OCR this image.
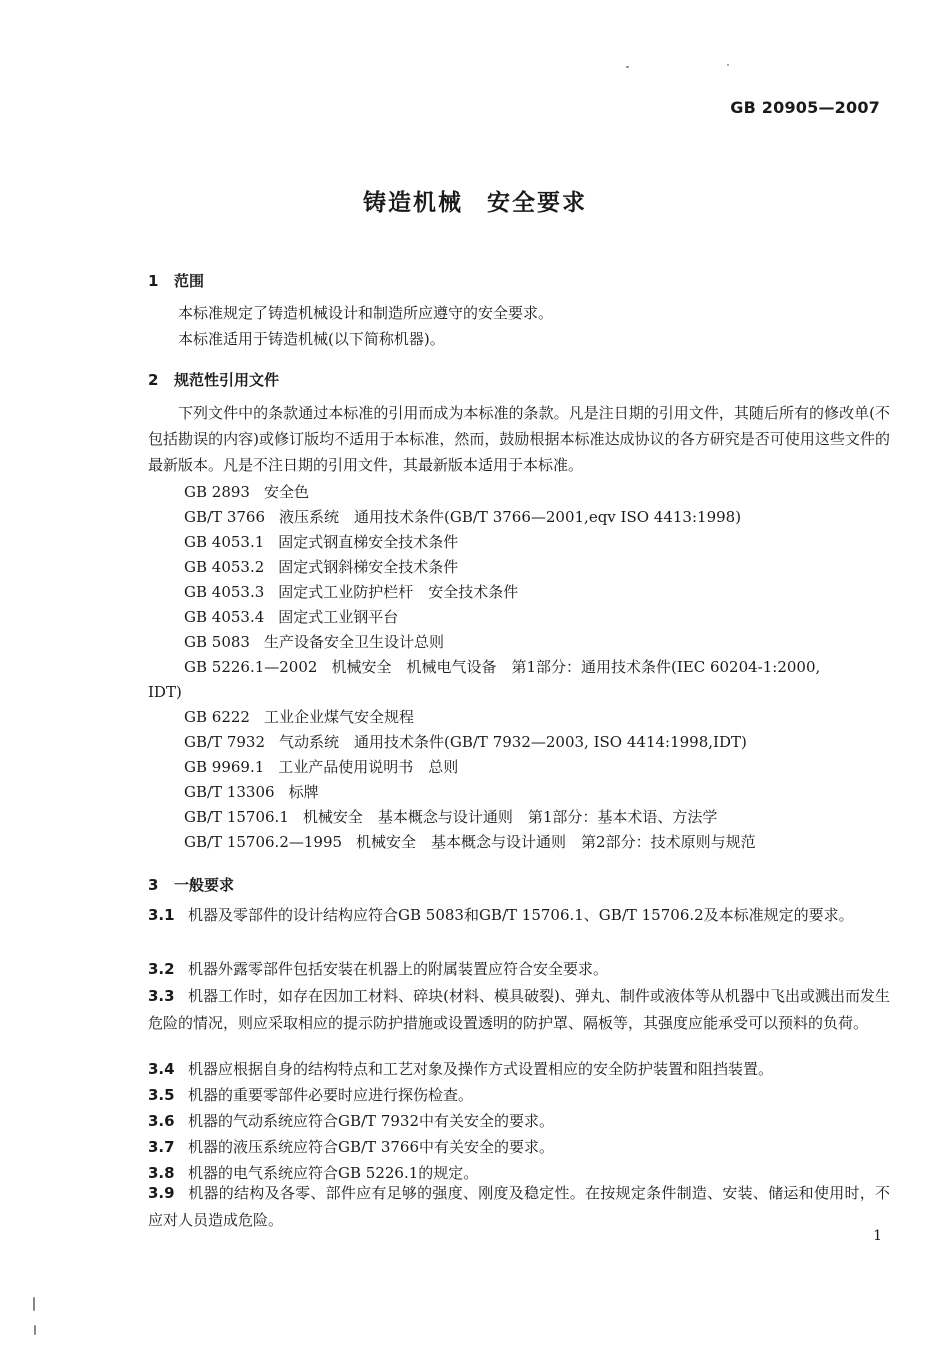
GB 20905—2007
铸造机械 安全要求
1 范围
本标准规定了铸造机械设计和制造所应遵守的安全要求。
本标准适用于铸造机械(以下简称机器)。
2 规范性引用文件
下列文件中的条款通过本标准的引用而成为本标准的条款。凡是注日期的引用文件，其随后所有的修改单(不包括勘误的内容)或修订版均不适用于本标准，然而，鼓励根据本标准达成协议的各方研究是否可使用这些文件的最新版本。凡是不注日期的引用文件，其最新版本适用于本标准。
GB 2893 安全色
GB/T 3766 液压系统　通用技术条件(GB/T 3766—2001,eqv ISO 4413:1998)
GB 4053.1 固定式钢直梯安全技术条件
GB 4053.2 固定式钢斜梯安全技术条件
GB 4053.3 固定式工业防护栏杆　安全技术条件
GB 4053.4 固定式工业钢平台
GB 5083 生产设备安全卫生设计总则
GB 5226.1—2002 机械安全　机械电气设备　第1部分：通用技术条件(IEC 60204-1:2000,
IDT)
GB 6222 工业企业煤气安全规程
GB/T 7932 气动系统　通用技术条件(GB/T 7932—2003, ISO 4414:1998,IDT)
GB 9969.1 工业产品使用说明书　总则
GB/T 13306 标牌
GB/T 15706.1 机械安全　基本概念与设计通则　第1部分：基本术语、方法学
GB/T 15706.2—1995 机械安全　基本概念与设计通则　第2部分：技术原则与规范
3 一般要求
3.1 机器及零部件的设计结构应符合GB 5083和GB/T 15706.1、GB/T 15706.2及本标准规定的要求。
3.2 机器外露零部件包括安装在机器上的附属装置应符合安全要求。
3.3 机器工作时，如存在因加工材料、碎块(材料、模具破裂)、弹丸、制件或液体等从机器中飞出或溅出而发生危险的情况，则应采取相应的提示防护措施或设置透明的防护罩、隔板等，其强度应能承受可以预料的负荷。
3.4 机器应根据自身的结构特点和工艺对象及操作方式设置相应的安全防护装置和阻挡装置。
3.5 机器的重要零部件必要时应进行探伤检查。
3.6 机器的气动系统应符合GB/T 7932中有关安全的要求。
3.7 机器的液压系统应符合GB/T 3766中有关安全的要求。
3.8 机器的电气系统应符合GB 5226.1的规定。
3.9 机器的结构及各零、部件应有足够的强度、刚度及稳定性。在按规定条件制造、安装、储运和使用时，不应对人员造成危险。
1
